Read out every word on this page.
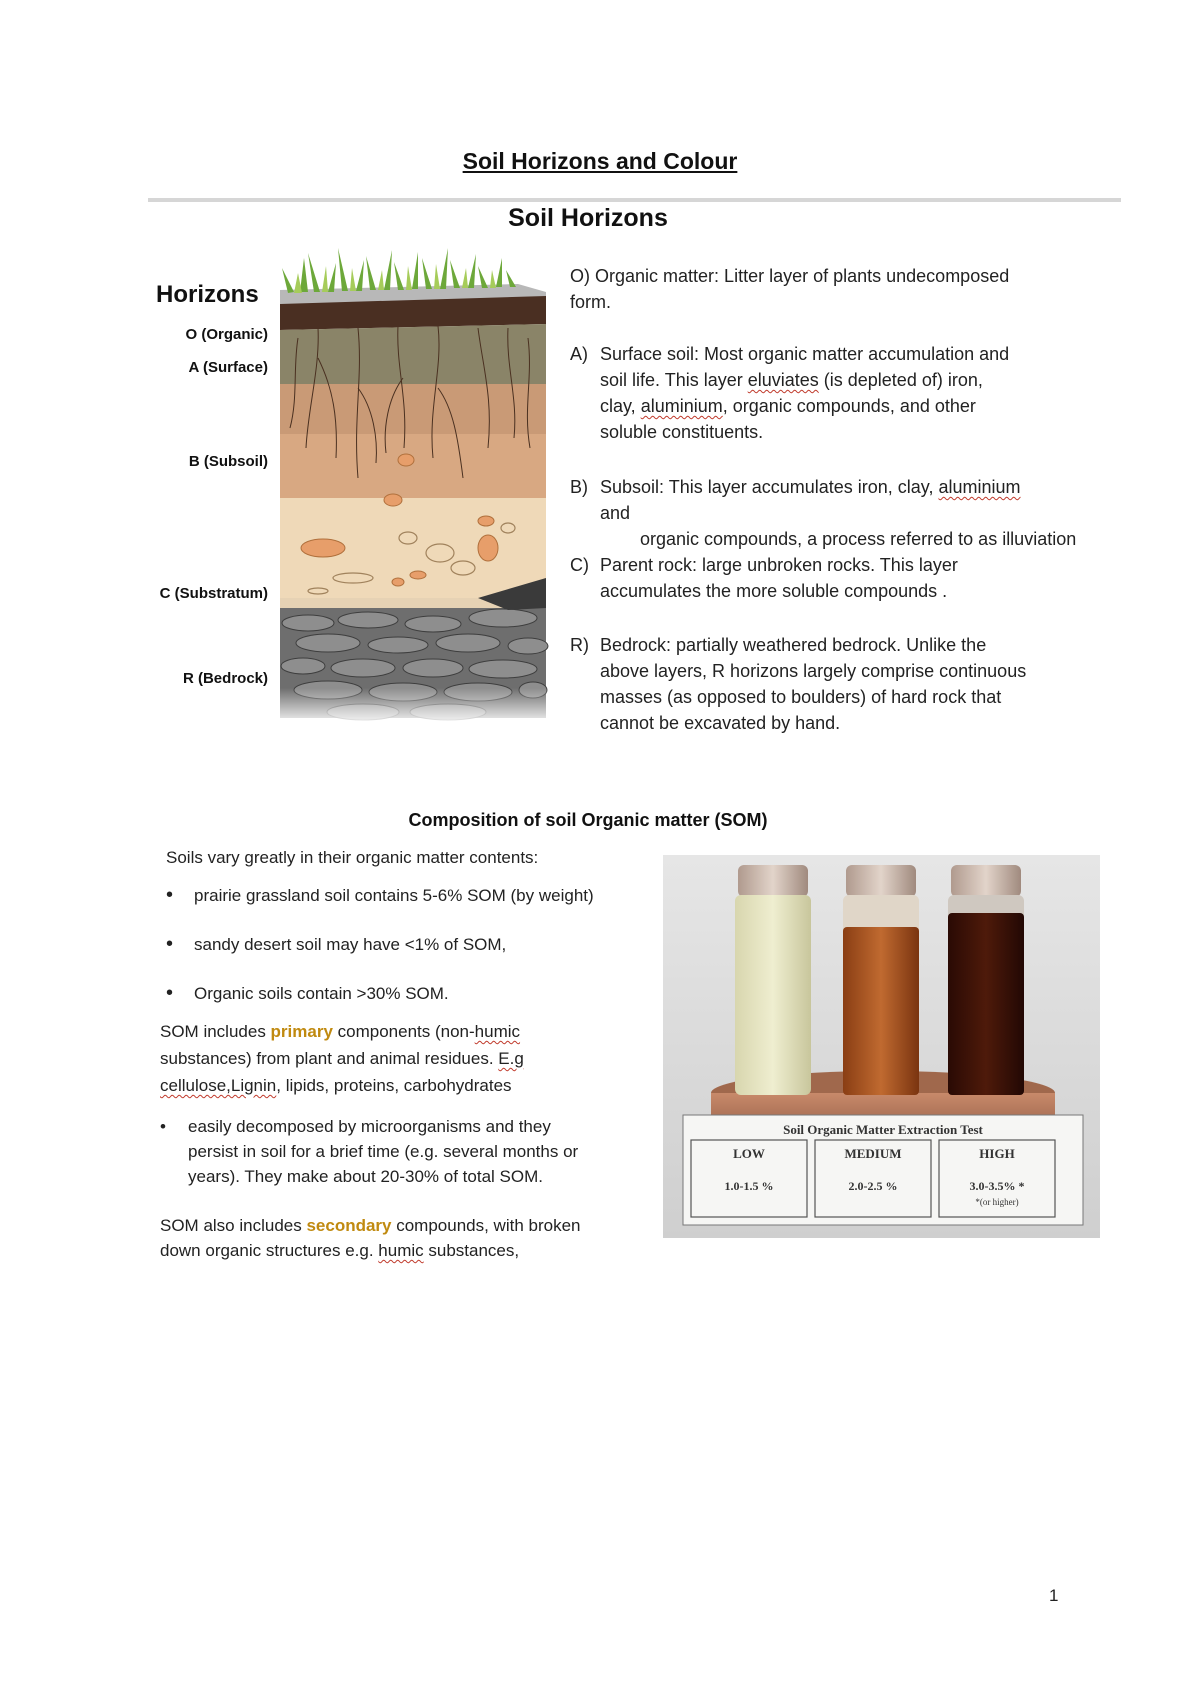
Soil Horizons and Colour
Soil Horizons
Horizons
O (Organic)
A (Surface)
B (Subsoil)
C (Substratum)
R (Bedrock)
O) Organic matter: Litter layer of plants undecomposed
form.
A) Surface soil: Most organic matter accumulation and
soil life. This layer eluviates (is depleted of) iron,
clay, aluminium, organic compounds, and other
soluble constituents.
B) Subsoil: This layer accumulates iron, clay, aluminium
and
organic compounds, a process referred to as illuviation
C) Parent rock: large unbroken rocks. This layer
accumulates the more soluble compounds .
R) Bedrock: partially weathered bedrock. Unlike the
above layers, R horizons largely comprise continuous
masses (as opposed to boulders) of hard rock that
cannot be excavated by hand.
Composition of soil Organic matter (SOM)
Soils vary greatly in their organic matter contents:
• prairie grassland soil contains 5-6% SOM (by weight)
• sandy desert soil may have <1% of SOM,
• Organic soils contain >30% SOM.
SOM includes primary components (non-humic
substances) from plant and animal residues. E.g
cellulose,Lignin, lipids, proteins, carbohydrates
• easily decomposed by microorganisms and they
persist in soil for a brief time (e.g. several months or
years). They make about 20-30% of total SOM.
SOM also includes secondary compounds, with broken
down organic structures e.g. humic substances,
Soil Organic Matter Extraction Test
LOW	MEDIUM	HIGH
1.0-1.5 %	2.0-2.5 %	3.0-3.5% *
*(or higher)
1
